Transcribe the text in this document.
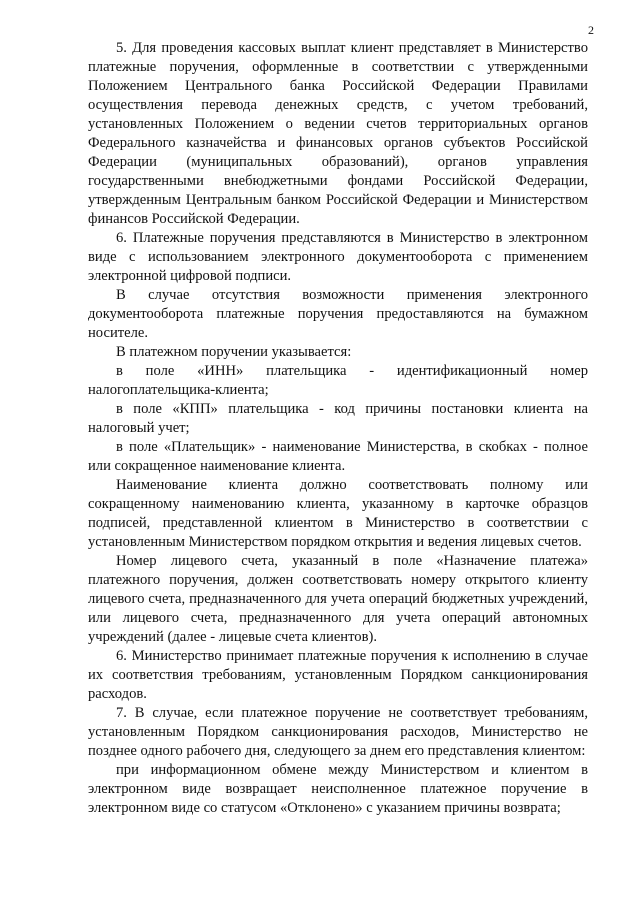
2

5. Для проведения кассовых выплат клиент представляет в Министерство платежные поручения, оформленные в соответствии с утвержденными Положением Центрального банка Российской Федерации Правилами осуществления перевода денежных средств, с учетом требований, установленных Положением о ведении счетов территориальных органов Федерального казначейства и финансовых органов субъектов Российской Федерации (муниципальных образований), органов управления государственными внебюджетными фондами Российской Федерации, утвержденным Центральным банком Российской Федерации и Министерством финансов Российской Федерации.

6. Платежные поручения представляются в Министерство в электронном виде с использованием электронного документооборота с применением электронной цифровой подписи.

В случае отсутствия возможности применения электронного документооборота платежные поручения предоставляются на бумажном носителе.

В платежном поручении указывается:

в поле «ИНН» плательщика - идентификационный номер налогоплательщика-клиента;

в поле «КПП» плательщика - код причины постановки клиента на налоговый учет;

в поле «Плательщик» - наименование Министерства, в скобках - полное или сокращенное наименование клиента.

Наименование клиента должно соответствовать полному или сокращенному наименованию клиента, указанному в карточке образцов подписей, представленной клиентом в Министерство в соответствии с установленным Министерством порядком открытия и ведения лицевых счетов.

Номер лицевого счета, указанный в поле «Назначение платежа» платежного поручения, должен соответствовать номеру открытого клиенту лицевого счета, предназначенного для учета операций бюджетных учреждений, или лицевого счета, предназначенного для учета операций автономных учреждений (далее - лицевые счета клиентов).

6. Министерство принимает платежные поручения к исполнению в случае их соответствия требованиям, установленным Порядком санкционирования расходов.

7. В случае, если платежное поручение не соответствует требованиям, установленным Порядком санкционирования расходов, Министерство не позднее одного рабочего дня, следующего за днем его представления клиентом:

при информационном обмене между Министерством и клиентом в электронном виде возвращает неисполненное платежное поручение в электронном виде со статусом «Отклонено» с указанием причины возврата;
